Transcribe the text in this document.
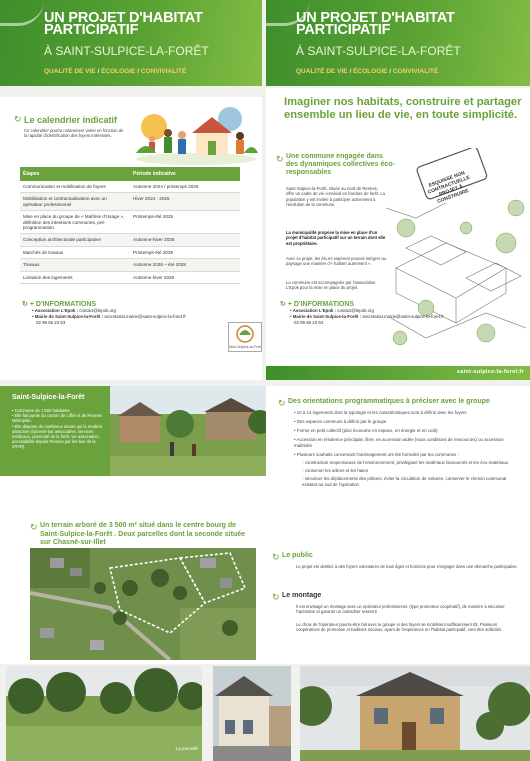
UN PROJET D'HABITAT PARTICIPATIF
À SAINT-SULPICE-LA-FORÊT
QUALITÉ DE VIE / ÉCOLOGIE / CONVIVIALITÉ
UN PROJET D'HABITAT PARTICIPATIF
À SAINT-SULPICE-LA-FORÊT
QUALITÉ DE VIE / ÉCOLOGIE / CONVIVIALITÉ
↻ Le calendrier indicatif
Ce calendrier pourra notamment varier en fonction de la rapidité d'identification des foyers intéressés.
Étapes	Période indicative
Communication et mobilisation de foyers	Automne 2024 / printemps 2025
Mobilisation et contractualisation avec un opérateur professionnel	Hiver 2024 - 2025
Mise en place du groupe de « Maîtrise d'Usage », définition des intentions communes, pré-programmation	Printemps-été 2025
Conception architecturale participative	Automne-hiver 2025
Marchés de travaux	Printemps-été 2026
Travaux	Automne 2026 – été 2028
Livraison des logements	Automne hiver 2028
↻ + D'INFORMATIONS
• Association L'Epok : contact@lepok.org
• Mairie de Saint-Sulpice-la-Forêt : secretariat.mairie@saint-sulpice-la-foret.fr
02 99 66 23 63
Saint-Sulpice-la-Forêt
Imaginer nos habitats, construire et partager ensemble un lieu de vie, en toute simplicité.
↻ Une commune engagée dans des dynamiques collectives éco-responsables
Saint-Sulpice-la-Forêt, située au nord de Rennes, offre un cadre de vie convivial en bordure de forêt. La population y est invitée à participer activement à l'évolution de la commune.
La municipalité propose la mise en place d'un projet d'habitat participatif sur un terrain dont elle est propriétaire.
Avec ce projet, les élu.es espèrent pouvoir intégrer au paysage une manière d'« habiter autrement ».
La commune est accompagnée par l'association L'Epok pour la mise en place du projet.
ESQUISSE NON CONTRACTUELLE PROJET À CONSTRUIRE
↻ + D'INFORMATIONS
• Association L'Epok : contact@lepok.org
• Mairie de Saint-Sulpice-la-Forêt : secretariat.mairie@saint-sulpice-la-foret.fr
02 99 66 23 63
saint-sulpice-la-foret.fr
Saint-Sulpice-la-Forêt
• Commune de 1 500 habitants.
• Elle fait partie du canton de Liffré et de Rennes Métropole.
• Elle dispose de nombreux atouts qui la rendent attractive (épicerie-bar associative, services médicaux, proximité de la forêt, vie associative, accessibilité depuis Rennes par les bus de la STAR).
↻ Un terrain arboré de 3 500 m² situé dans le centre bourg de Saint-Sulpice-la-Forêt . Deux parcelles dont la seconde située sur Chasné-sur-Illet
↻ Des orientations programmatiques à préciser avec le groupe
• 10 à 14 logements dont la typologie et les caractéristiques sont à définir avec les foyers
• Des espaces communs à définir par le groupe
• Forme en petit collectif (plus économe en espace, en énergie et en coût)
• Accession en résidence principale, libre, en accession aidée (sous conditions de ressources) ou accession maîtrisée
• Plusieurs souhaits concernant l'aménagement ont été formulés par les communes :
- construction respectueuse de l'environnement, privilégiant les matériaux biosourcés et les éco-matériaux
- conserver les arbres et les haies
- sécuriser les déplacements des piétons, éviter la circulation de voitures, conserver le chemin communal existant au sud de l'opération
↻ Le public
Le projet est destiné à des foyers volontaires de tous âges et horizons pour s'engager dans une démarche participative.
↻ Le montage
Il est envisagé un montage avec un opérateur professionnel, (type promoteur coopératif), de manière à sécuriser l'opération et garantir un calendrier resserré.
Le choix de l'opérateur pourra-être fait avec le groupe si des foyers se mobilisent suffisamment tôt. Plusieurs coopératives de promotion et bailleurs sociaux, ayant de l'expérience en l'habitat participatif, vont être sollicités.
La parcelle
